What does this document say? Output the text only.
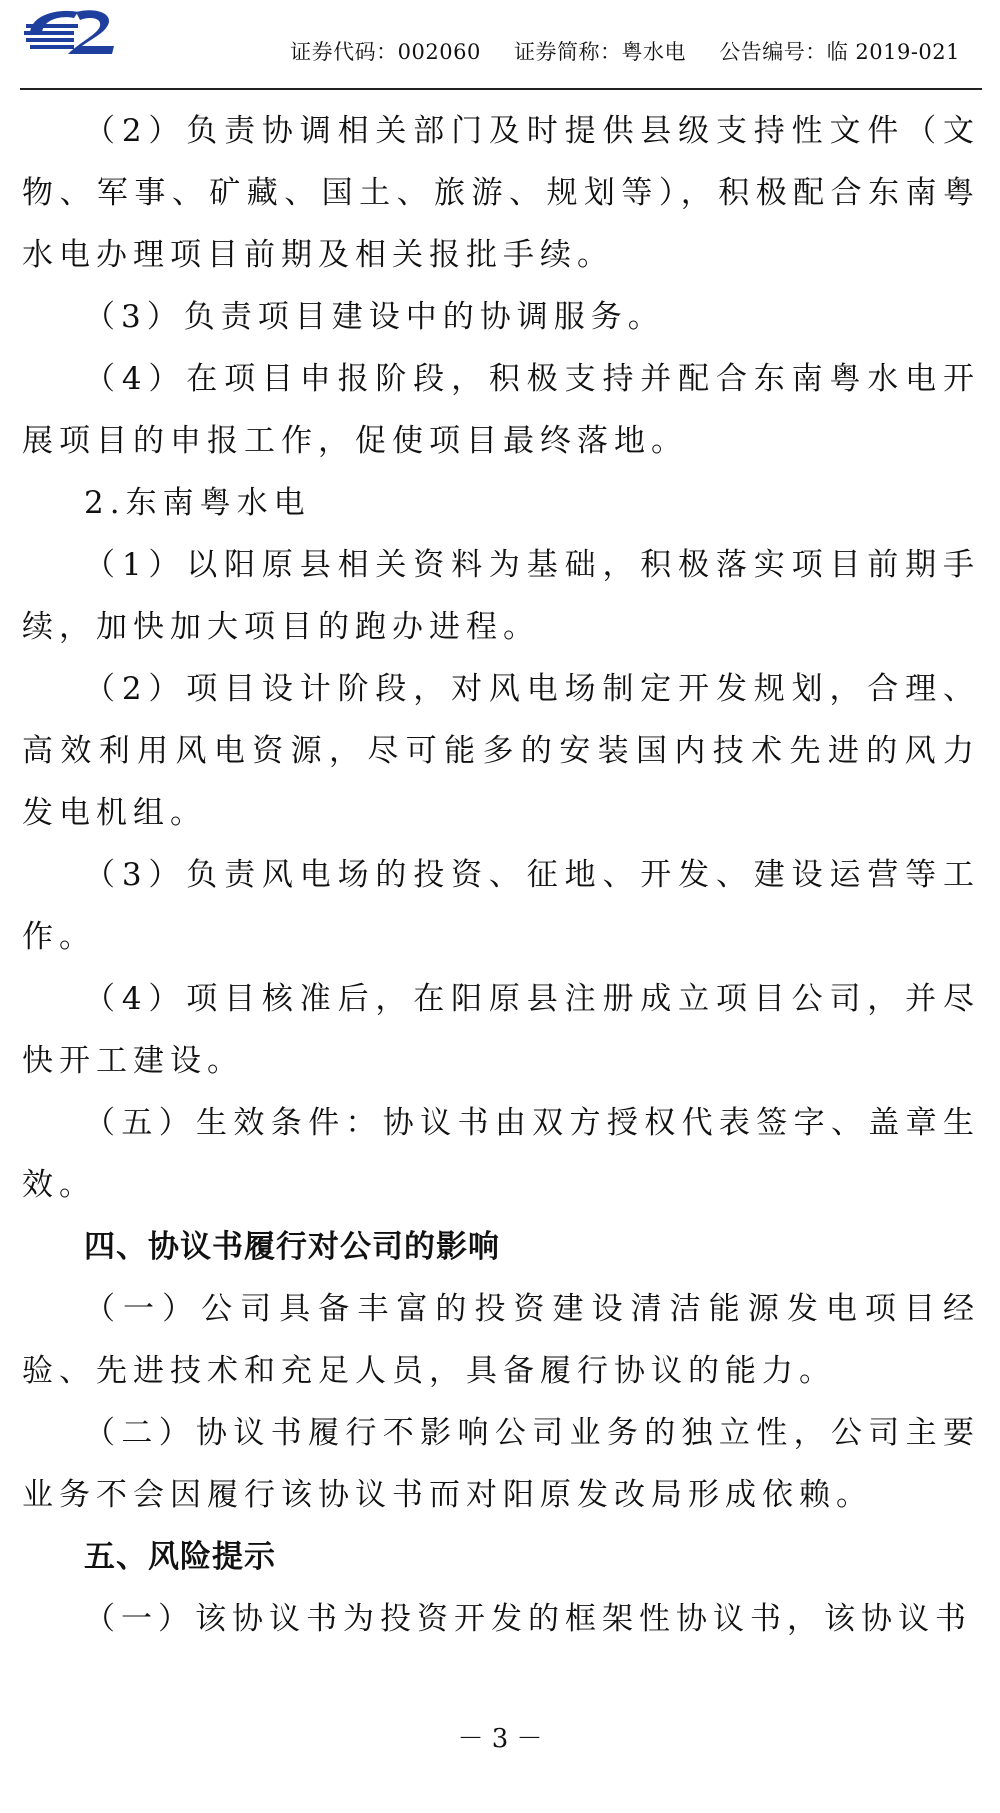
证券代码：002060 证券简称：粤水电 公告编号：临 2019-021

（2）负责协调相关部门及时提供县级支持性文件（文物、军事、矿藏、国土、旅游、规划等），积极配合东南粤水电办理项目前期及相关报批手续。

（3）负责项目建设中的协调服务。

（4）在项目申报阶段，积极支持并配合东南粤水电开展项目的申报工作，促使项目最终落地。

2.东南粤水电

（1）以阳原县相关资料为基础，积极落实项目前期手续，加快加大项目的跑办进程。

（2）项目设计阶段，对风电场制定开发规划，合理、高效利用风电资源，尽可能多的安装国内技术先进的风力发电机组。

（3）负责风电场的投资、征地、开发、建设运营等工作。

（4）项目核准后，在阳原县注册成立项目公司，并尽快开工建设。

（五）生效条件：协议书由双方授权代表签字、盖章生效。

四、协议书履行对公司的影响

（一）公司具备丰富的投资建设清洁能源发电项目经验、先进技术和充足人员，具备履行协议的能力。

（二）协议书履行不影响公司业务的独立性，公司主要业务不会因履行该协议书而对阳原发改局形成依赖。

五、风险提示

（一）该协议书为投资开发的框架性协议书，该协议书

－ 3 －
